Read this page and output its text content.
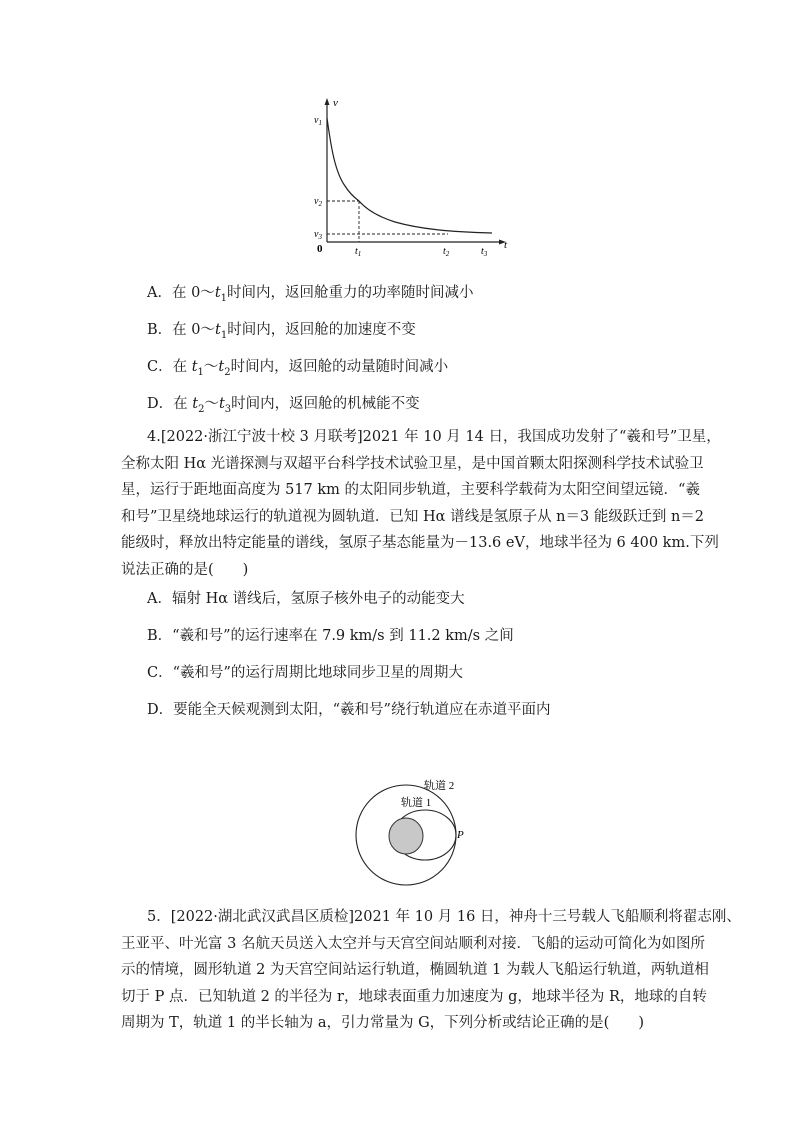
v
t
0
$v_1$
$v_2$
$v_3$
$t_1$	$t_2$	$t_3$
A．在 $0\sim t_1$时间内，返回舱重力的功率随时间减小
B．在 $0\sim t_1$时间内，返回舱的加速度不变
C．在 $t_1\sim t_2$时间内，返回舱的动量随时间减小
D．在 $t_2\sim t_3$时间内，返回舱的机械能不变
4.[2022·浙江宁波十校 3 月联考]2021 年 10 月 14 日，我国成功发射了“羲和号”卫星，
全称太阳 Hα 光谱探测与双超平台科学技术试验卫星，是中国首颗太阳探测科学技术试验卫
星，运行于距地面高度为 517 km 的太阳同步轨道，主要科学载荷为太阳空间望远镜．“羲
和号”卫星绕地球运行的轨道视为圆轨道．已知 Hα 谱线是氢原子从 n＝3 能级跃迁到 n＝2
能级时，释放出特定能量的谱线，氢原子基态能量为－13.6 eV，地球半径为 6 400 km.下列
说法正确的是(　　)
A．辐射 Hα 谱线后，氢原子核外电子的动能变大
B．“羲和号”的运行速率在 7.9 km/s 到 11.2 km/s 之间
C．“羲和号”的运行周期比地球同步卫星的周期大
D．要能全天候观测到太阳，“羲和号”绕行轨道应在赤道平面内
轨道 2
轨道 1
P
5．[2022·湖北武汉武昌区质检]2021 年 10 月 16 日，神舟十三号载人飞船顺利将翟志刚、
王亚平、叶光富 3 名航天员送入太空并与天宫空间站顺利对接．飞船的运动可简化为如图所
示的情境，圆形轨道 2 为天宫空间站运行轨道，椭圆轨道 1 为载人飞船运行轨道，两轨道相
切于 P 点．已知轨道 2 的半径为 r，地球表面重力加速度为 g，地球半径为 R，地球的自转
周期为 T，轨道 1 的半长轴为 a，引力常量为 G，下列分析或结论正确的是(　　)
